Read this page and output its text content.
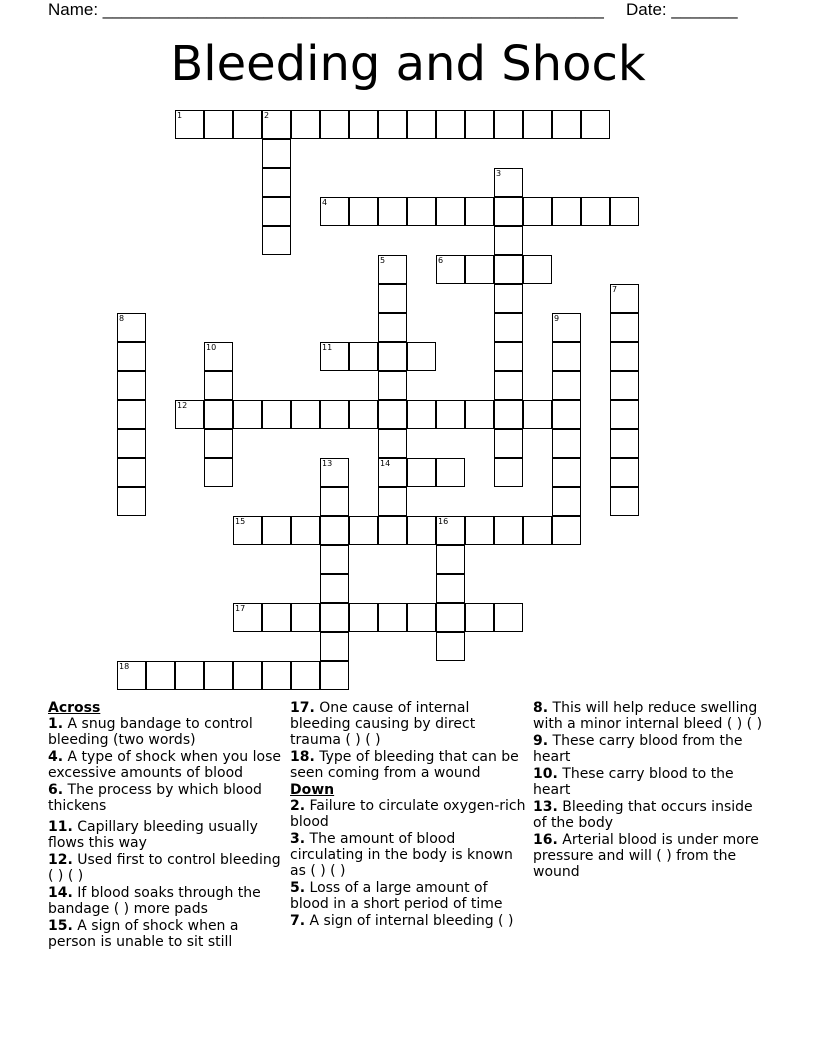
Name: _____________________________________________________ Date: _______
Bleeding and Shock
1	2
3
4
5
14
6
7
8	9
10	11
12
13
15	16
17
18
Across
1. A snug bandage to control bleeding (two words)
4. A type of shock when you lose excessive amounts of blood
6. The process by which blood thickens
11. Capillary bleeding usually flows this way
12. Used first to control bleeding ( ) ( )
14. If blood soaks through the bandage ( ) more pads
15. A sign of shock when a person is unable to sit still
17. One cause of internal bleeding causing by direct trauma ( ) ( )
18. Type of bleeding that can be seen coming from a wound
Down
2. Failure to circulate oxygen-rich blood
3. The amount of blood circulating in the body is known as ( ) ( )
5. Loss of a large amount of blood in a short period of time
7. A sign of internal bleeding ( )
8. This will help reduce swelling with a minor internal bleed ( ) ( )
9. These carry blood from the heart
10. These carry blood to the heart
13. Bleeding that occurs inside of the body
16. Arterial blood is under more pressure and will ( ) from the wound
